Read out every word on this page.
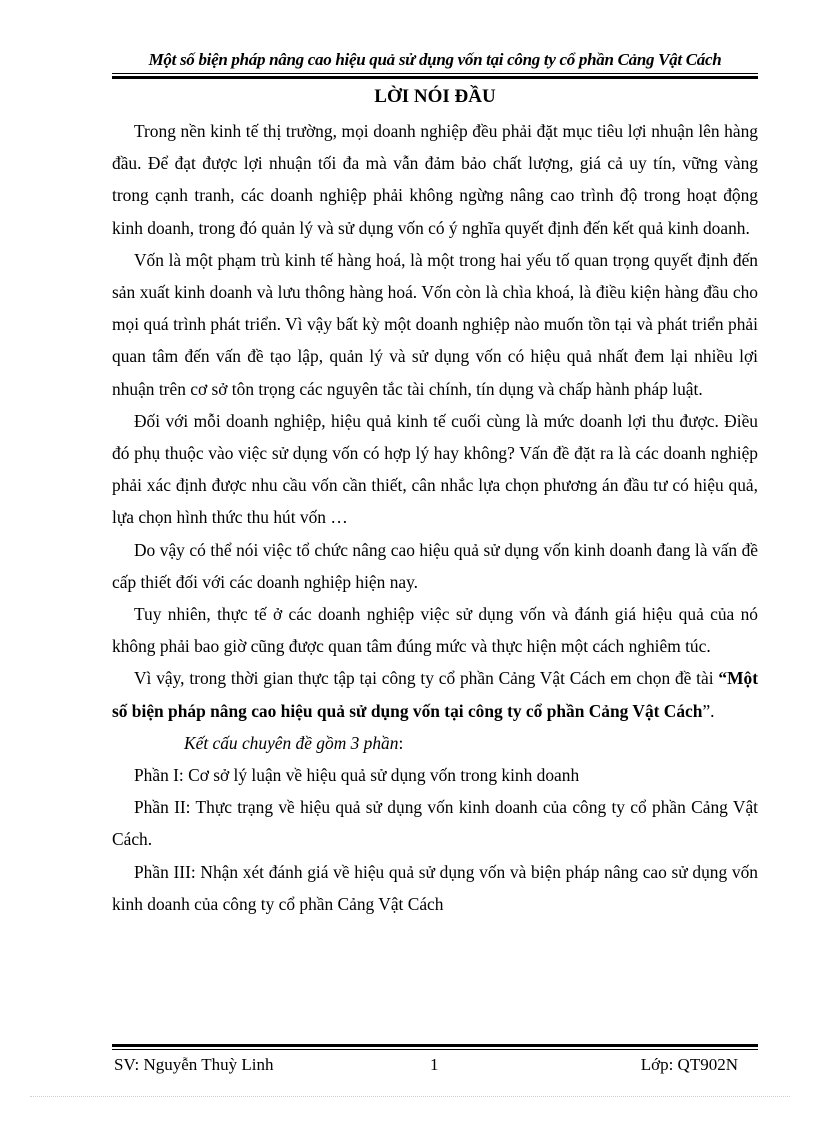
Một số biện pháp nâng cao hiệu quả sử dụng vốn tại công ty cổ phần Cảng Vật Cách
LỜI NÓI ĐẦU

Trong nền kinh tế thị trường, mọi doanh nghiệp đều phải đặt mục tiêu lợi nhuận lên hàng đầu. Để đạt được lợi nhuận tối đa mà vẫn đảm bảo chất lượng, giá cả uy tín, vững vàng trong cạnh tranh, các doanh nghiệp phải không ngừng nâng cao trình độ trong hoạt động kinh doanh, trong đó quản lý và sử dụng vốn có ý nghĩa quyết định đến kết quả kinh doanh.

Vốn là một phạm trù kinh tế hàng hoá, là một trong hai yếu tố quan trọng quyết định đến sản xuất kinh doanh và lưu thông hàng hoá. Vốn còn là chìa khoá, là điều kiện hàng đầu cho mọi quá trình phát triển. Vì vậy bất kỳ một doanh nghiệp nào muốn tồn tại và phát triển phải quan tâm đến vấn đề tạo lập, quản lý và sử dụng vốn có hiệu quả nhất đem lại nhiều lợi nhuận trên cơ sở tôn trọng các nguyên tắc tài chính, tín dụng và chấp hành pháp luật.

Đối với mỗi doanh nghiệp, hiệu quả kinh tế cuối cùng là mức doanh lợi thu được. Điều đó phụ thuộc vào việc sử dụng vốn có hợp lý hay không? Vấn đề đặt ra là các doanh nghiệp phải xác định được nhu cầu vốn cần thiết, cân nhắc lựa chọn phương án đầu tư có hiệu quả, lựa chọn hình thức thu hút vốn …

Do vậy có thể nói việc tổ chức nâng cao hiệu quả sử dụng vốn kinh doanh đang là vấn đề cấp thiết đối với các doanh nghiệp hiện nay.

Tuy nhiên, thực tế ở các doanh nghiệp việc sử dụng vốn và đánh giá hiệu quả của nó không phải bao giờ cũng được quan tâm đúng mức và thực hiện một cách nghiêm túc.

Vì vậy, trong thời gian thực tập tại công ty cổ phần Cảng Vật Cách em chọn đề tài “Một số biện pháp nâng cao hiệu quả sử dụng vốn tại công ty cổ phần Cảng Vật Cách”.

Kết cấu chuyên đề gồm 3 phần:

Phần I: Cơ sở lý luận về hiệu quả sử dụng vốn trong kinh doanh

Phần II: Thực trạng về hiệu quả sử dụng vốn kinh doanh của công ty cổ phần Cảng Vật Cách.

Phần III: Nhận xét đánh giá về hiệu quả sử dụng vốn và biện pháp nâng cao sử dụng vốn kinh doanh của công ty cổ phần Cảng Vật Cách

SV: Nguyễn Thuỳ Linh	1	Lớp: QT902N
